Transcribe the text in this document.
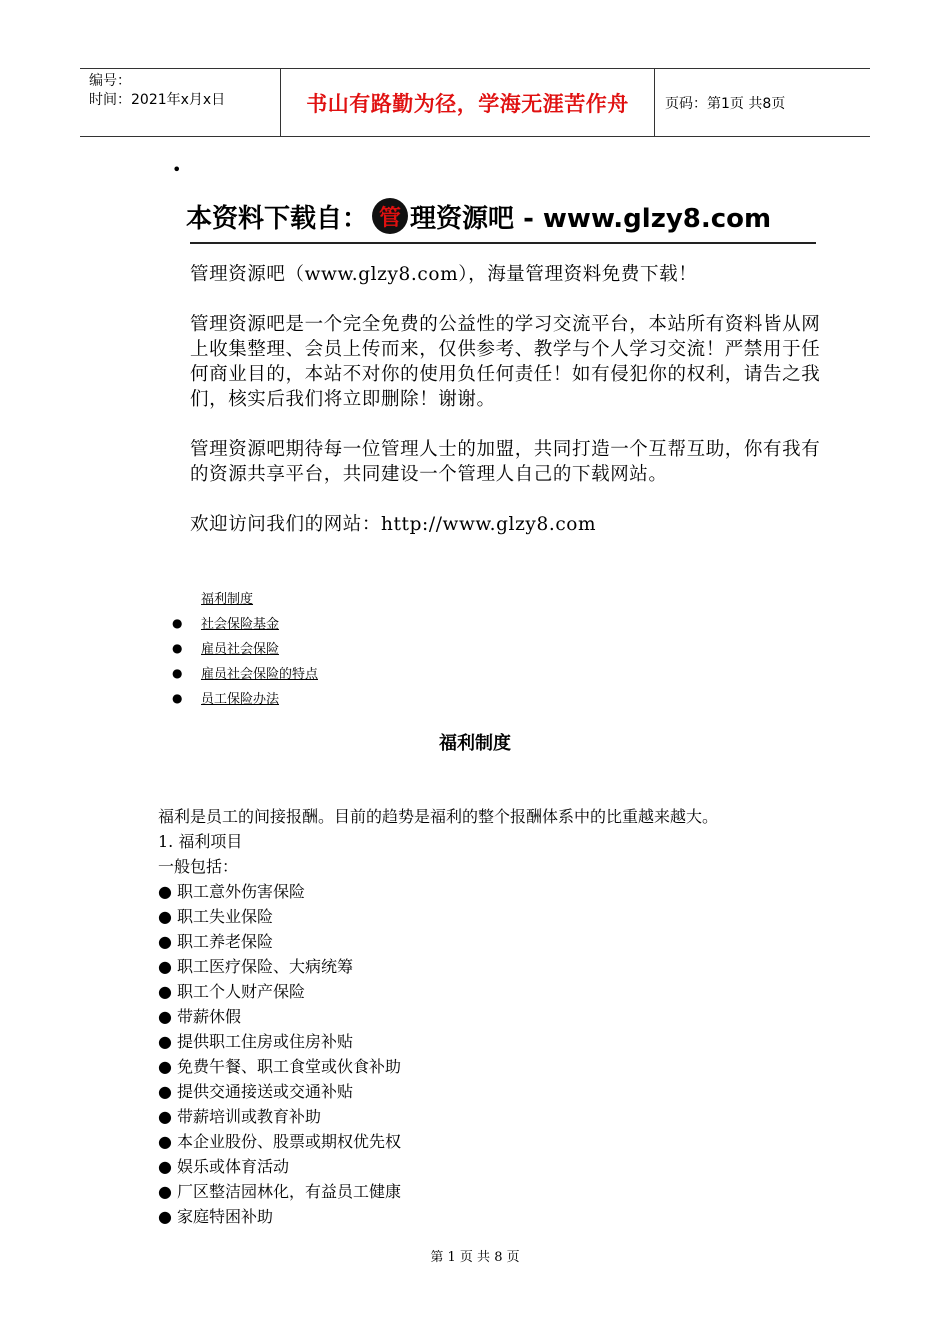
编号：
时间：2021年x月x日	书山有路勤为径，学海无涯苦作舟	页码：第1页 共8页
•
本资料下载自： 管 理资源吧 - www.glzy8.com

管理资源吧（www.glzy8.com），海量管理资料免费下载！

管理资源吧是一个完全免费的公益性的学习交流平台，本站所有资料皆从网上收集整理、会员上传而来，仅供参考、教学与个人学习交流！严禁用于任何商业目的，本站不对你的使用负任何责任！如有侵犯你的权利，请告之我们，核实后我们将立即删除！谢谢。

管理资源吧期待每一位管理人士的加盟，共同打造一个互帮互助，你有我有的资源共享平台，共同建设一个管理人自己的下载网站。

欢迎访问我们的网站：http://www.glzy8.com

福利制度
●	社会保险基金
●	雇员社会保险
●	雇员社会保险的特点
●	员工保险办法
福利制度
福利是员工的间接报酬。目前的趋势是福利的整个报酬体系中的比重越来越大。
1. 福利项目
一般包括：
● 职工意外伤害保险
● 职工失业保险
● 职工养老保险
● 职工医疗保险、大病统筹
● 职工个人财产保险
● 带薪休假
● 提供职工住房或住房补贴
● 免费午餐、职工食堂或伙食补助
● 提供交通接送或交通补贴
● 带薪培训或教育补助
● 本企业股份、股票或期权优先权
● 娱乐或体育活动
● 厂区整洁园林化，有益员工健康
● 家庭特困补助
第 1 页 共 8 页
